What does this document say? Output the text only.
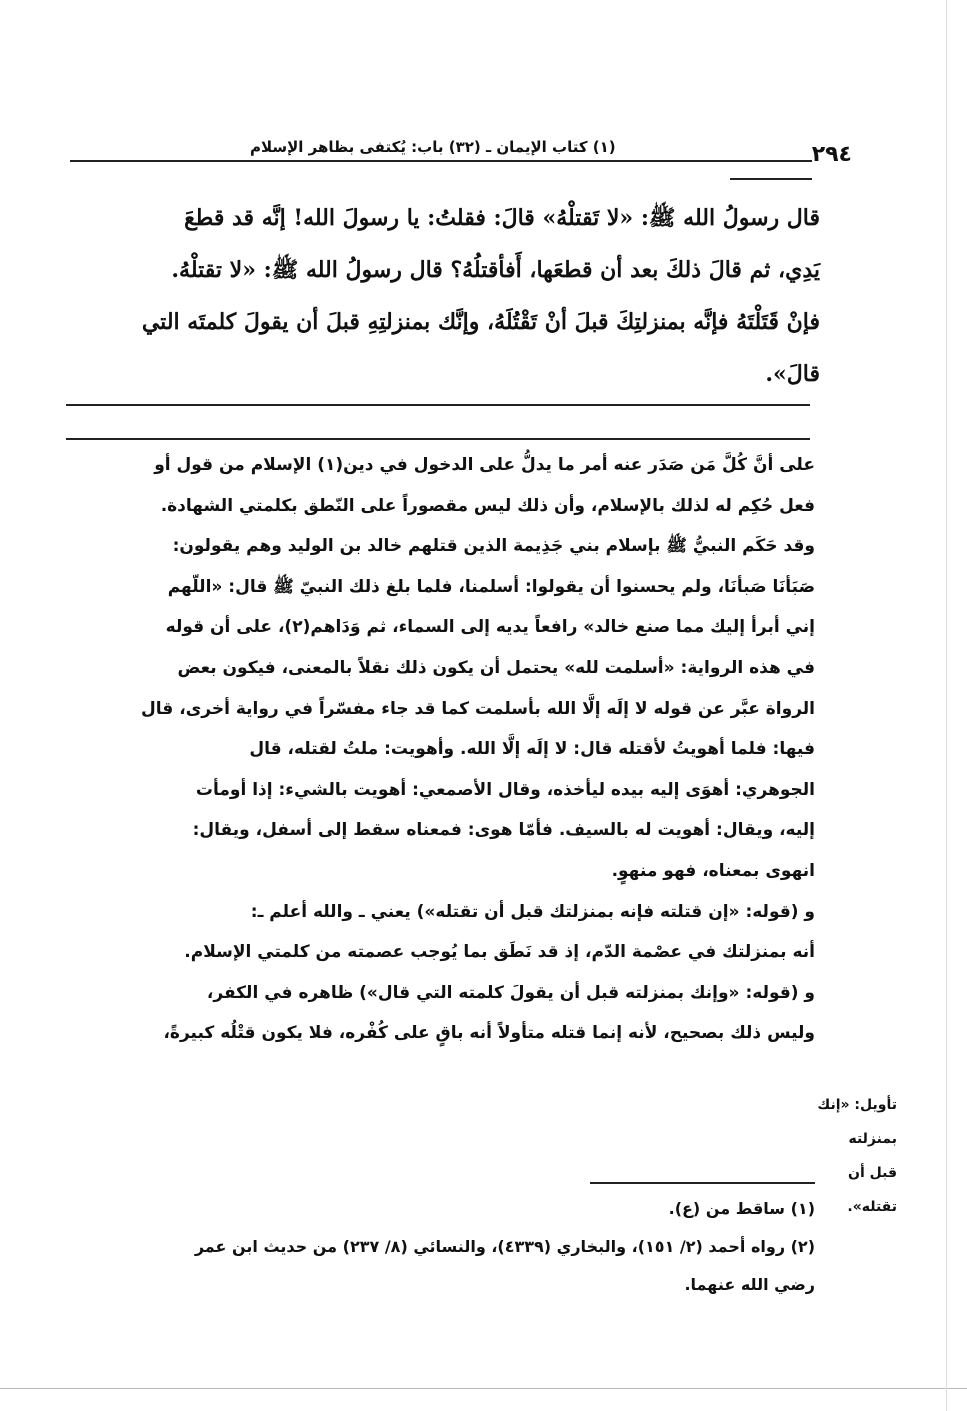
(١) كتاب الإيمان ـ (٣٢) باب: يُكتفى بظاهر الإسلام	٢٩٤

قال رسولُ الله ﷺ: «لا تَقتلْهُ» قالَ: فقلتُ: يا رسولَ الله! إنَّه قد قطعَ

يَدِي، ثم قالَ ذلكَ بعد أن قطعَها، أَفأقتلُهُ؟ قال رسولُ الله ﷺ: «لا تقتلْهُ.

فإنْ قَتَلْتَهُ فإنَّه بمنزلتِكَ قبلَ أنْ تَقْتُلَهُ، وإنَّك بمنزلتِهِ قبلَ أن يقولَ كلمتَه التي

قالَ».

على أنَّ كُلَّ مَن صَدَر عنه أمر ما يدلُّ على الدخول في دين(١) الإسلام من قول أو

فعل حُكِم له لذلك بالإسلام، وأن ذلك ليس مقصوراً على النّطق بكلمتي الشهادة.

وقد حَكَم النبيُّ ﷺ بإسلام بني جَذِيمة الذين قتلهم خالد بن الوليد وهم يقولون:

صَبَأنَا صَبأنَا، ولم يحسنوا أن يقولوا: أسلمنا، فلما بلغ ذلك النبيّ ﷺ قال: «اللّهم

إني أبرأ إليك مما صنع خالد» رافعاً يديه إلى السماء، ثم وَدَاهم(٢)، على أن قوله

في هذه الرواية: «أسلمت لله» يحتمل أن يكون ذلك نقلاً بالمعنى، فيكون بعض

الرواة عبَّر عن قوله لا إلَه إلَّا الله بأسلمت كما قد جاء مفسّراً في رواية أخرى، قال

فيها: فلما أهويتُ لأقتله قال: لا إلَه إلَّا الله. وأهويت: ملتُ لقتله، قال

الجوهري: أهوَى إليه بيده ليأخذه، وقال الأصمعي: أهويت بالشيء: إذا أومأت

إليه، ويقال: أهويت له بالسيف. فأمّا هوى: فمعناه سقط إلى أسفل، ويقال:

انهوى بمعناه، فهو منهوٍ.

و (قوله: «إن قتلته فإنه بمنزلتك قبل أن تقتله») يعني ـ والله أعلم ـ:

أنه بمنزلتك في عصْمة الدّم، إذ قد نَطَق بما يُوجب عصمته من كلمتي الإسلام.

و (قوله: «وإنك بمنزلته قبل أن يقولَ كلمته التي قال») ظاهره في الكفر،

وليس ذلك بصحيح، لأنه إنما قتله متأولاً أنه باقٍ على كُفْره، فلا يكون قتْلُه كبيرةً،

تأويل: «إنك
بمنزلته قبل أن
تقتله».

(١) ساقط من (ع).

(٢) رواه أحمد (٢/ ١٥١)، والبخاري (٤٣٣٩)، والنسائي (٨/ ٢٣٧) من حديث ابن عمر

رضي الله عنهما.
